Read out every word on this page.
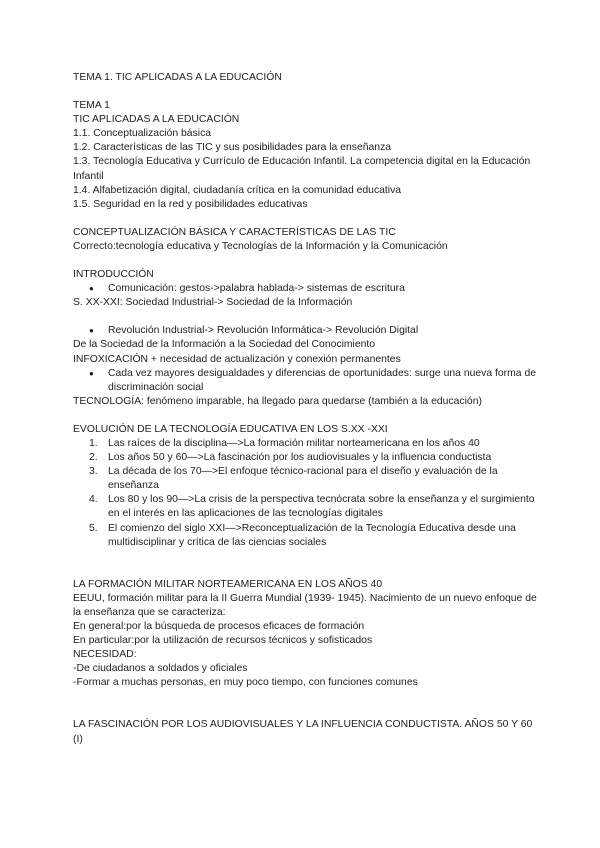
TEMA 1. TIC APLICADAS A LA EDUCACIÓN

TEMA 1

TIC APLICADAS A LA EDUCACIÓN

1.1. Conceptualización básica

1.2. Características de las TIC y sus posibilidades para la enseñanza

1.3. Tecnología Educativa y Currículo de Educación Infantil. La competencia digital en la Educación Infantil

1.4. Alfabetización digital, ciudadanía crítica en la comunidad educativa

1.5. Seguridad en la red y posibilidades educativas

CONCEPTUALIZACIÓN BÁSICA Y CARACTERÍSTICAS DE LAS TIC

Correcto:tecnología educativa y Tecnologías de la Información y la Comunicación

INTRODUCCIÓN

● Comunicación: gestos->palabra hablada-> sistemas de escritura

S. XX-XXI: Sociedad Industrial-> Sociedad de la Información

● Revolución Industrial-> Revolución Informática-> Revolución Digital

De la Sociedad de la Información a la Sociedad del Conocimiento

INFOXICACIÓN + necesidad de actualización y conexión permanentes

● Cada vez mayores desigualdades y diferencias de oportunidades: surge una nueva forma de discriminación social

TECNOLOGÍA: fenómeno imparable, ha llegado para quedarse (también a la educación)

EVOLUCIÓN DE LA TECNOLOGÍA EDUCATIVA EN LOS S.XX -XXI

1. Las raíces de la disciplina—>La formación militar norteamericana en los años 40
2. Los años 50 y 60—>La fascinación por los audiovisuales y la influencia conductista
3. La década de los 70—>El enfoque técnico-racional para el diseño y evaluación de la enseñanza
4. Los 80 y los 90—>La crisis de la perspectiva tecnócrata sobre la enseñanza y el surgimiento en el interés en las aplicaciones de las tecnologías digitales
5. El comienzo del siglo XXI—>Reconceptualización de la Tecnología Educativa desde una multidisciplinar y crítica de las ciencias sociales

LA FORMACIÓN MILITAR NORTEAMERICANA EN LOS AÑOS 40

EEUU, formación militar para la II Guerra Mundial (1939- 1945). Nacimiento de un nuevo enfoque de la enseñanza que se caracteriza:

En general:por la búsqueda de procesos eficaces de formación

En particular:por la utilización de recursos técnicos y sofisticados

NECESIDAD:

-De ciudadanos a soldados y oficiales

-Formar a muchas personas, en muy poco tiempo, con funciones comunes

LA FASCINACIÓN POR LOS AUDIOVISUALES Y LA INFLUENCIA CONDUCTISTA. AÑOS 50 Y 60 (I)
